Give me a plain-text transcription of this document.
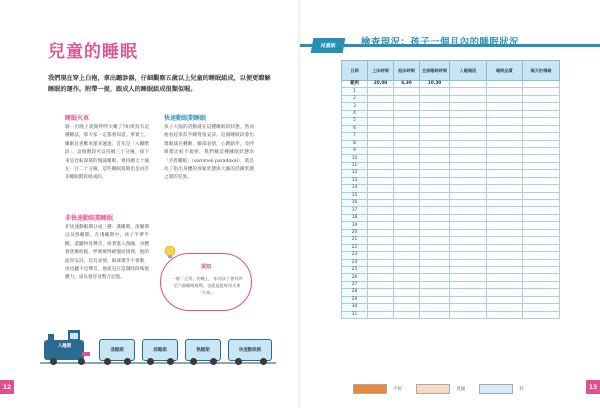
兒童的睡眠
我們現在穿上白袍，拿出聽診器，仔細觀察五歲以上兒童的睡眠組成，以便更瞭解睡眠的運作。附帶一提，跟成人的睡眠組成很類似喔。
睡眠火車
層一出晚上就開呼呼大睡了?如果真有這種睡法，那大家一定都會知道。事實上，睡眠比喜歡來運來運過，首先是「入睡階段」，這個階段可以持續三十分鐘，接下來是比較深層的慢波睡眠，會持續大十個左一百二十分鐘，這些睡眠週期也是由許多睡眠階段組成的。
快速動眼期睡眠
孩子大腦的活動就在這種睡眠的狀態，然而他看起來似乎睡得很安詳。這個睡眠段會出現眼球在轉動，臉部表情，心跳踏步，及呼吸都比較不規律，我們稱這種睡眠狀態為「矛盾睡眠」（sommeil paradoxal），就是為了指出身體的放鬆狀態與大腦的活躍狀態之間的差異。
非快速動眼期睡眠
非快速動眼期分成三種：淺睡期、深睡期以及熟睡期。在淺睡期中，孩子半夢半醒，還聽得見聲音，接著進入熟睡，身體會逐漸放鬆，呼吸變得緩慢而規律，他的面容安詳，沒有表情，眼球幾乎不會動，再也聽不見聲音。他就是在這個時段恢復體力、成長發育及整合記憶。
須知
一個「正常」的晚上，年幼孩子會有四至六個睡眠週期，也就是說每列火車「火車」。
入睡期
淺睡期	深睡期	熟睡期	快速動眼期
12
兒童版	檢查現況：孩子一個月內的睡眠狀況
日期	上床時間	起床時間	全部睡眠時間	入睡階段	睡眠品質	隔天的情緒
範例	20,00	6,30	10,30			
1						
2						
3						
4						
5						
6						
7						
8						
9						
10						
11						
12						
13						
14						
15						
16						
17						
18						
19						
20						
21						
22						
23						
24						
25						
26						
27						
28						
29						
30						
31						
不好	普通	好	13
